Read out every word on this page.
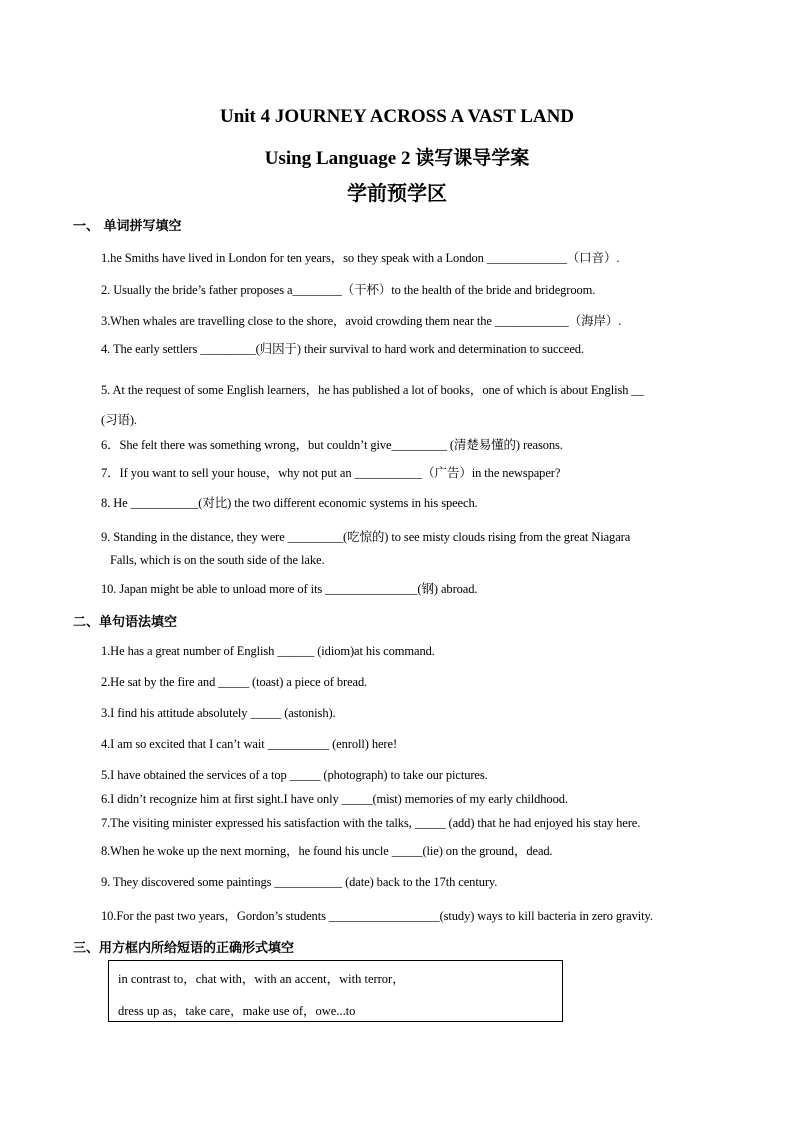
Unit 4 JOURNEY ACROSS A VAST LAND
Using Language 2 读写课导学案
学前预学区
一、 单词拼写填空
1.he Smiths have lived in London for ten years，so they speak with a London _____________（口音）.
2. Usually the bride’s father proposes a________（干杯）to the health of the bride and bridegroom.
3.When whales are travelling close to the shore，avoid crowding them near the ____________（海岸）.
4. The early settlers _________(归因于) their survival to hard work and determination to succeed.
5. At the request of some English learners，he has published a lot of books，one of which is about English __
(习语).
6．She felt there was something wrong，but couldn’t give_________ (清楚易懂的) reasons.
7．If you want to sell your house，why not put an ___________（广告）in the newspaper?
8. He ___________(对比) the two different economic systems in his speech.
9. Standing in the distance, they were _________(吃惊的) to see misty clouds rising from the great Niagara
Falls, which is on the south side of the lake.
10. Japan might be able to unload more of its _______________(钢) abroad.
二、单句语法填空
1.He has a great number of English ______ (idiom)at his command.
2.He sat by the fire and _____ (toast) a piece of bread.
3.I find his attitude absolutely _____ (astonish).
4.I am so excited that I can’t wait __________ (enroll) here!
5.I have obtained the services of a top _____ (photograph) to take our pictures.
6.I didn’t recognize him at first sight.I have only _____(mist) memories of my early childhood.
7.The visiting minister expressed his satisfaction with the talks, _____ (add) that he had enjoyed his stay here.
8.When he woke up the next morning，he found his uncle _____(lie) on the ground，dead.
9. They discovered some paintings ___________ (date) back to the 17th century.
10.For the past two years，Gordon’s students __________________(study) ways to kill bacteria in zero gravity.
三、用方框内所给短语的正确形式填空
in contrast to，chat with，with an accent，with terror，
dress up as，take care，make use of，owe...to
